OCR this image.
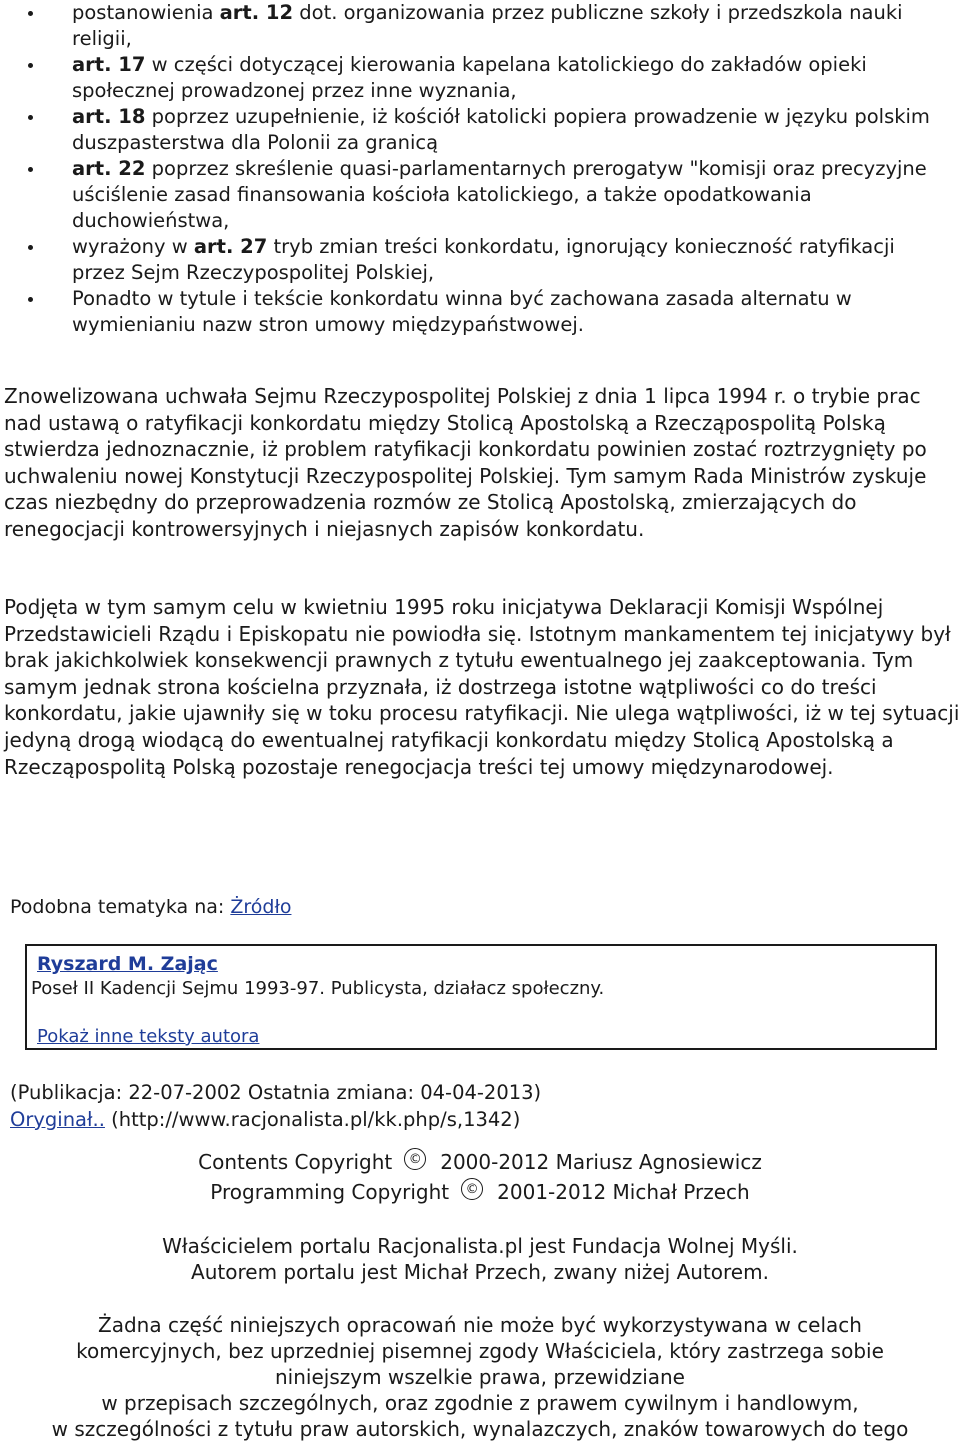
postanowienia art. 12 dot. organizowania przez publiczne szkoły i przedszkola nauki religii,
art. 17 w części dotyczącej kierowania kapelana katolickiego do zakładów opieki społecznej prowadzonej przez inne wyznania,
art. 18 poprzez uzupełnienie, iż kościół katolicki popiera prowadzenie w języku polskim duszpasterstwa dla Polonii za granicą
art. 22 poprzez skreślenie quasi-parlamentarnych prerogatyw "komisji oraz precyzyjne uściślenie zasad finansowania kościoła katolickiego, a także opodatkowania duchowieństwa,
wyrażony w art. 27 tryb zmian treści konkordatu, ignorujący konieczność ratyfikacji przez Sejm Rzeczypospolitej Polskiej,
Ponadto w tytule i tekście konkordatu winna być zachowana zasada alternatu w wymienianiu nazw stron umowy międzypaństwowej.

Znowelizowana uchwała Sejmu Rzeczypospolitej Polskiej z dnia 1 lipca 1994 r. o trybie prac nad ustawą o ratyfikacji konkordatu między Stolicą Apostolską a Rzecząpospolitą Polską stwierdza jednoznacznie, iż problem ratyfikacji konkordatu powinien zostać roztrzygnięty po uchwaleniu nowej Konstytucji Rzeczypospolitej Polskiej. Tym samym Rada Ministrów zyskuje czas niezbędny do przeprowadzenia rozmów ze Stolicą Apostolską, zmierzających do renegocjacji kontrowersyjnych i niejasnych zapisów konkordatu.

Podjęta w tym samym celu w kwietniu 1995 roku inicjatywa Deklaracji Komisji Wspólnej Przedstawicieli Rządu i Episkopatu nie powiodła się. Istotnym mankamentem tej inicjatywy był brak jakichkolwiek konsekwencji prawnych z tytułu ewentualnego jej zaakceptowania. Tym samym jednak strona kościelna przyznała, iż dostrzega istotne wątpliwości co do treści konkordatu, jakie ujawniły się w toku procesu ratyfikacji. Nie ulega wątpliwości, iż w tej sytuacji jedyną drogą wiodącą do ewentualnej ratyfikacji konkordatu między Stolicą Apostolską a Rzecząpospolitą Polską pozostaje renegocjacja treści tej umowy międzynarodowej.

Podobna tematyka na: Żródło
Ryszard M. Zając
Poseł II Kadencji Sejmu 1993-97. Publicysta, działacz społeczny.
Pokaż inne teksty autora
(Publikacja: 22-07-2002 Ostatnia zmiana: 04-04-2013)
Oryginał.. (http://www.racjonalista.pl/kk.php/s,1342)
Contents Copyright © 2000-2012 Mariusz Agnosiewicz
Programming Copyright © 2001-2012 Michał Przech
Właścicielem portalu Racjonalista.pl jest Fundacja Wolnej Myśli.
Autorem portalu jest Michał Przech, zwany niżej Autorem.
Żadna część niniejszych opracowań nie może być wykorzystywana w celach
komercyjnych, bez uprzedniej pisemnej zgody Właściciela, który zastrzega sobie
niniejszym wszelkie prawa, przewidziane
w przepisach szczególnych, oraz zgodnie z prawem cywilnym i handlowym,
w szczególności z tytułu praw autorskich, wynalazczych, znaków towarowych do tego
